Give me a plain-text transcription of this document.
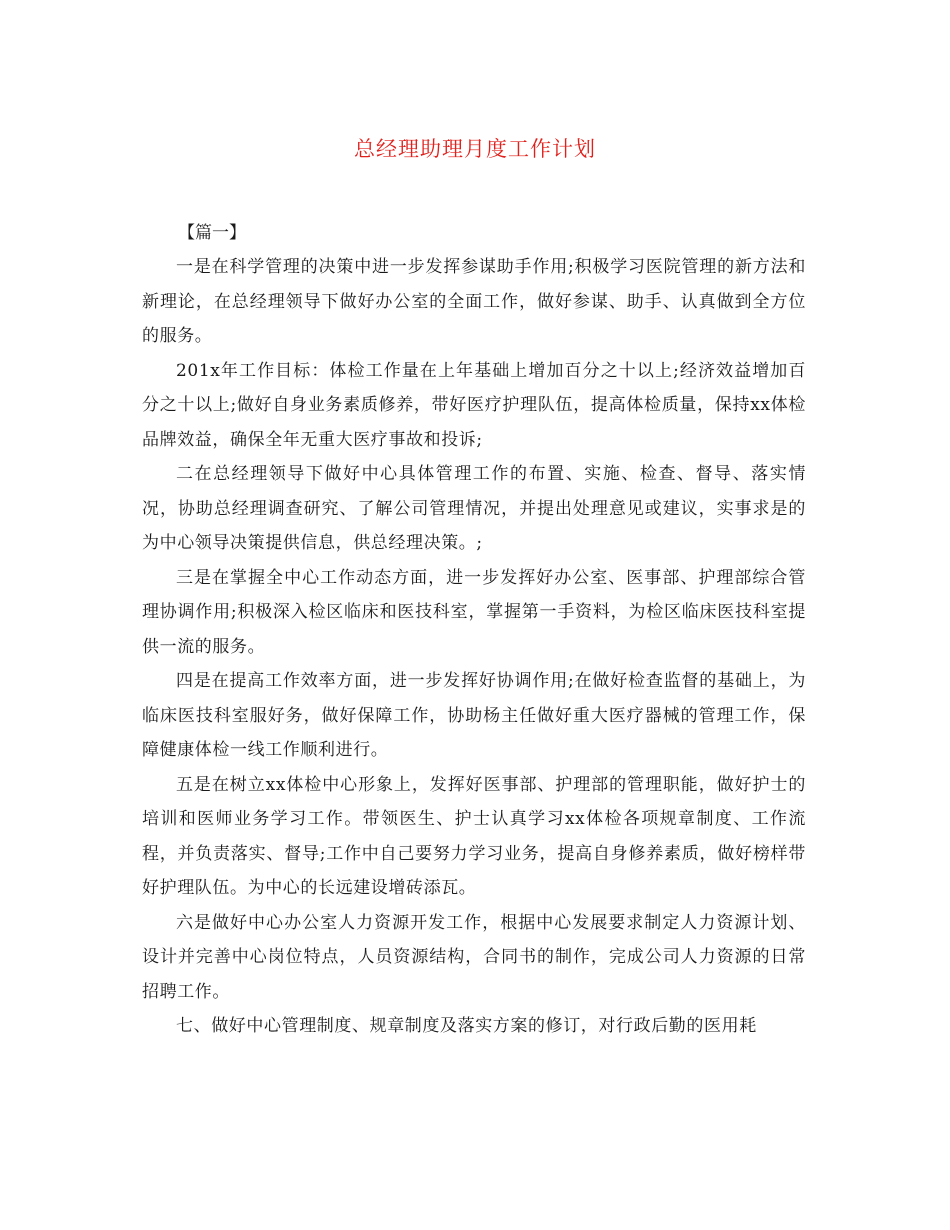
总经理助理月度工作计划

【篇一】

一是在科学管理的决策中进一步发挥参谋助手作用;积极学习医院管理的新方法和新理论，在总经理领导下做好办公室的全面工作，做好参谋、助手、认真做到全方位的服务。

201x年工作目标：体检工作量在上年基础上增加百分之十以上;经济效益增加百分之十以上;做好自身业务素质修养，带好医疗护理队伍，提高体检质量，保持xx体检品牌效益，确保全年无重大医疗事故和投诉;

二在总经理领导下做好中心具体管理工作的布置、实施、检查、督导、落实情况，协助总经理调查研究、了解公司管理情况，并提出处理意见或建议，实事求是的为中心领导决策提供信息，供总经理决策。;

三是在掌握全中心工作动态方面，进一步发挥好办公室、医事部、护理部综合管理协调作用;积极深入检区临床和医技科室，掌握第一手资料，为检区临床医技科室提供一流的服务。

四是在提高工作效率方面，进一步发挥好协调作用;在做好检查监督的基础上，为临床医技科室服好务，做好保障工作，协助杨主任做好重大医疗器械的管理工作，保障健康体检一线工作顺利进行。

五是在树立xx体检中心形象上，发挥好医事部、护理部的管理职能，做好护士的培训和医师业务学习工作。带领医生、护士认真学习xx体检各项规章制度、工作流程，并负责落实、督导;工作中自己要努力学习业务，提高自身修养素质，做好榜样带好护理队伍。为中心的长远建设增砖添瓦。

六是做好中心办公室人力资源开发工作，根据中心发展要求制定人力资源计划、设计并完善中心岗位特点，人员资源结构，合同书的制作，完成公司人力资源的日常招聘工作。

七、做好中心管理制度、规章制度及落实方案的修订，对行政后勤的医用耗
